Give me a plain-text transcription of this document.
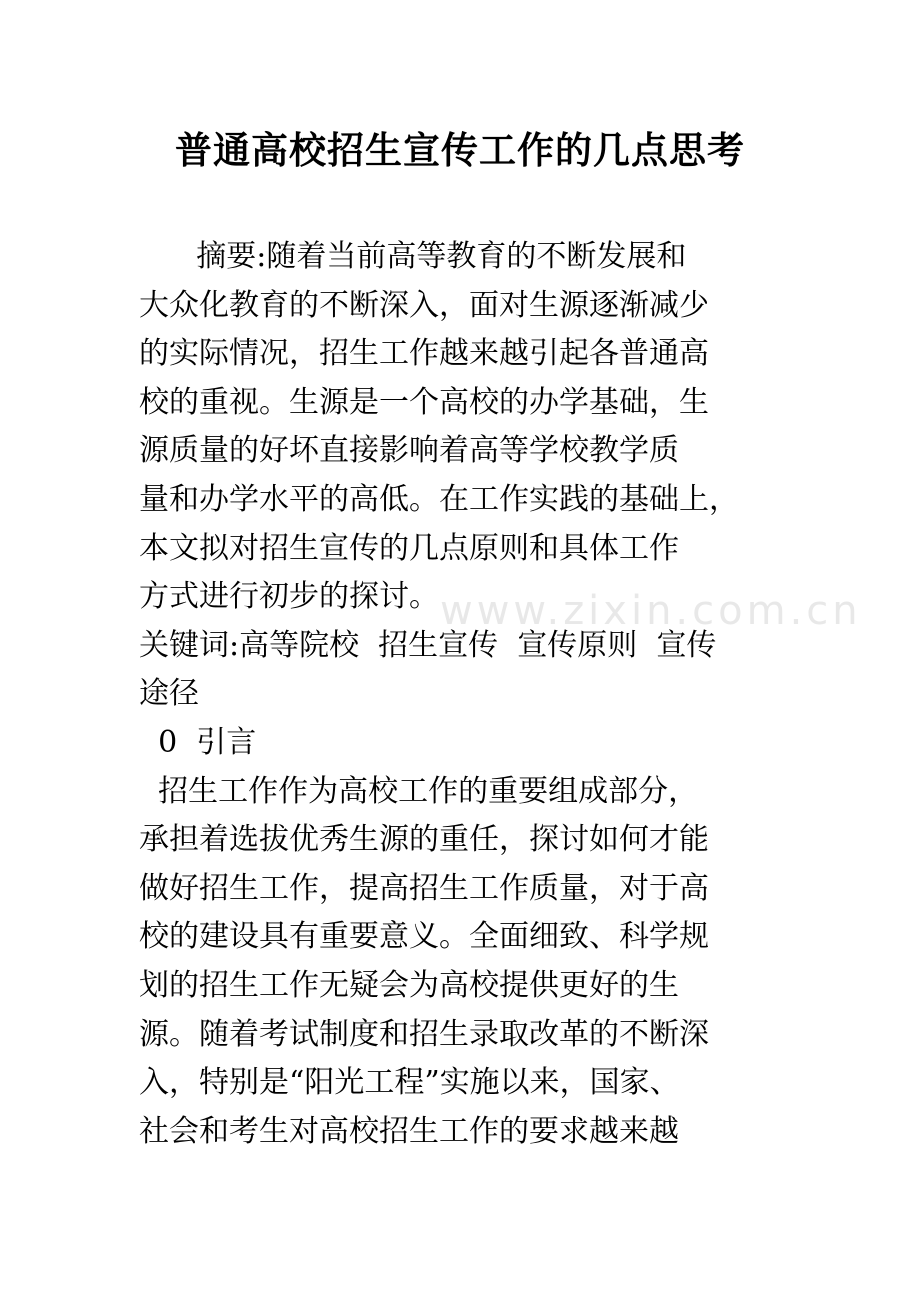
普通高校招生宣传工作的几点思考
摘要:随着当前高等教育的不断发展和
大众化教育的不断深入，面对生源逐渐减少
的实际情况，招生工作越来越引起各普通高
校的重视。生源是一个高校的办学基础，生
源质量的好坏直接影响着高等学校教学质
量和办学水平的高低。在工作实践的基础上，
本文拟对招生宣传的几点原则和具体工作
方式进行初步的探讨。
关键词:高等院校  招生宣传  宣传原则  宣传
途径
0  引言
招生工作作为高校工作的重要组成部分，
承担着选拔优秀生源的重任，探讨如何才能
做好招生工作，提高招生工作质量，对于高
校的建设具有重要意义。全面细致、科学规
划的招生工作无疑会为高校提供更好的生
源。随着考试制度和招生录取改革的不断深
入，特别是“阳光工程”实施以来，国家、
社会和考生对高校招生工作的要求越来越
www.zixin.com.cn
